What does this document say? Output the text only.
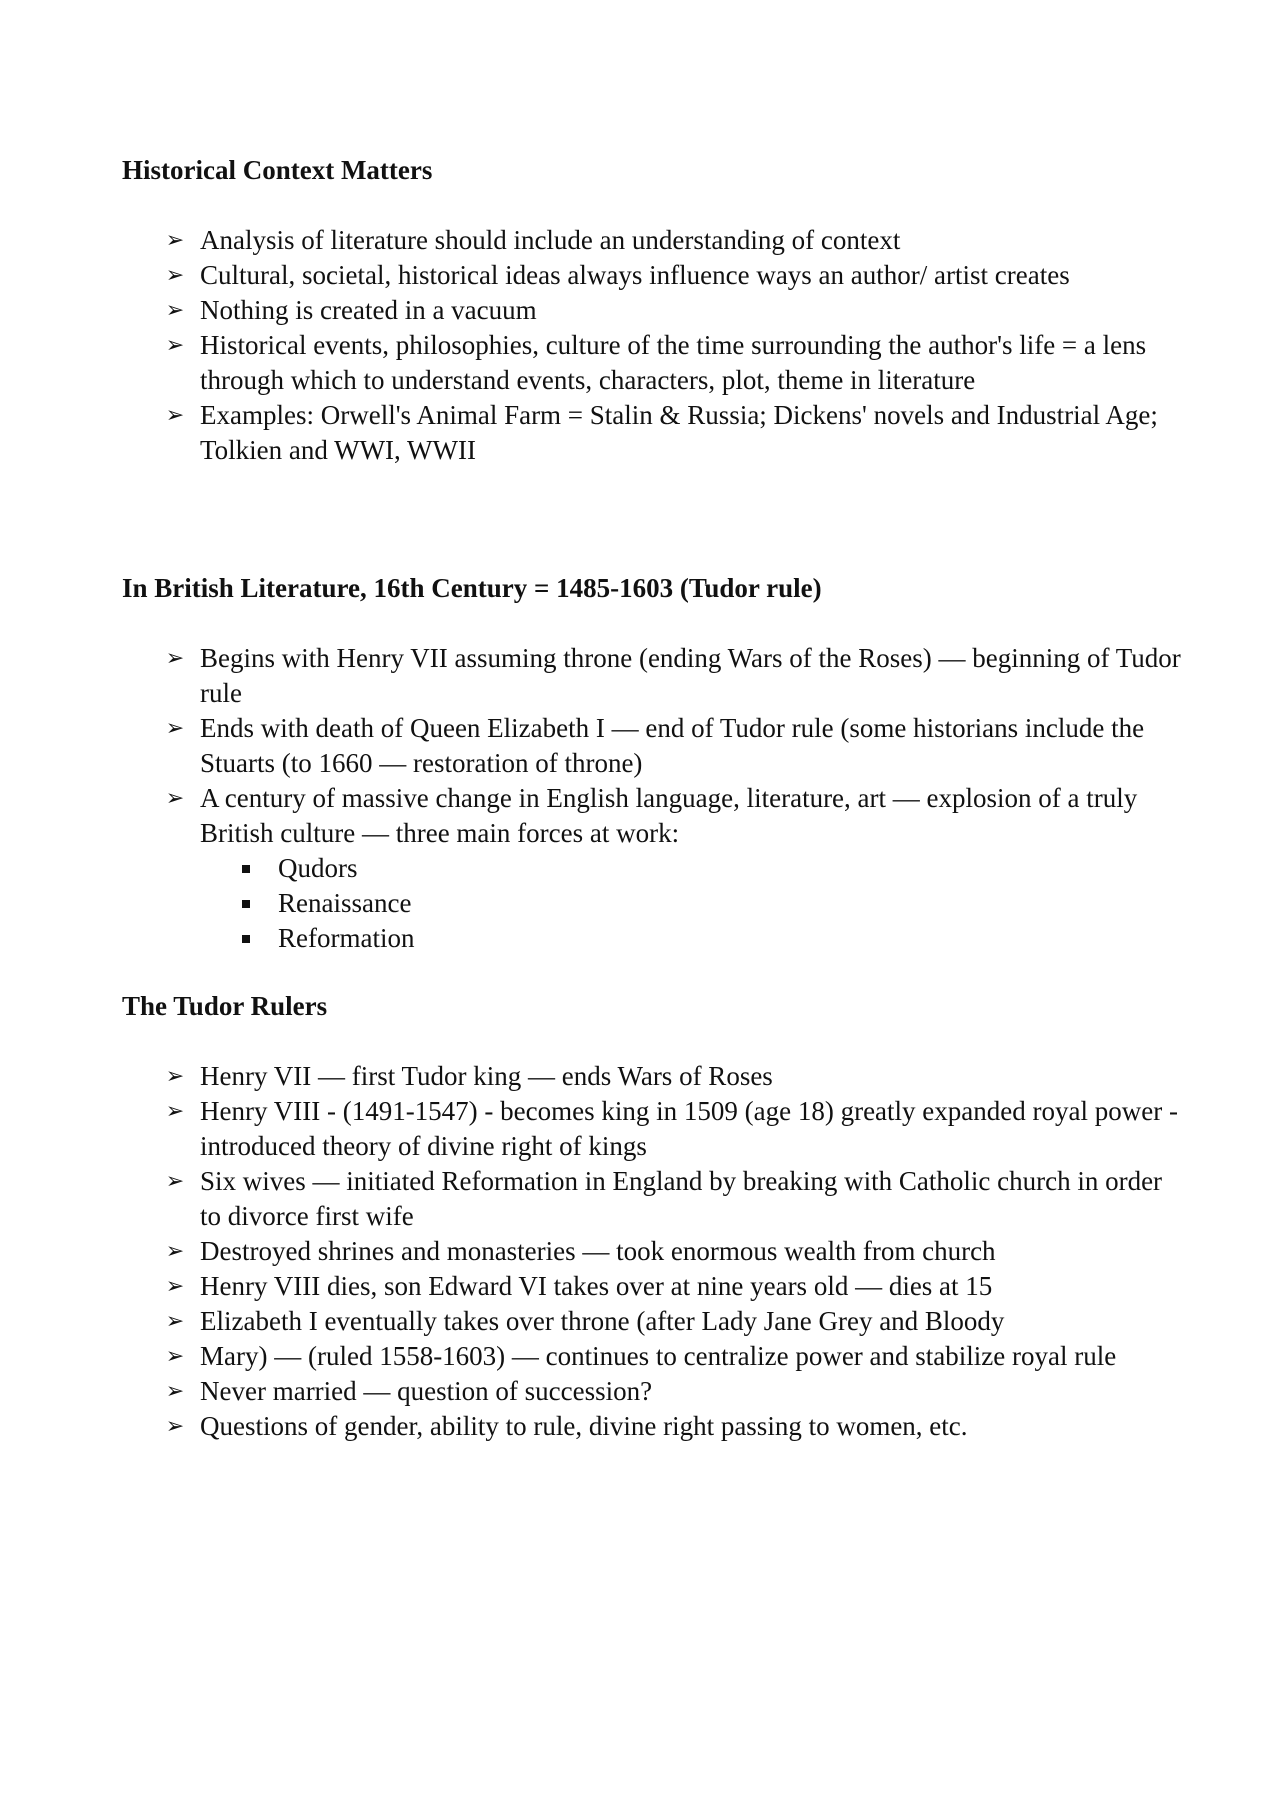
Historical Context Matters
➢ Analysis of literature should include an understanding of context
➢ Cultural, societal, historical ideas always influence ways an author/ artist creates
➢ Nothing is created in a vacuum
➢ Historical events, philosophies, culture of the time surrounding the author's life = a lens through which to understand events, characters, plot, theme in literature
➢ Examples: Orwell's Animal Farm = Stalin & Russia; Dickens' novels and Industrial Age; Tolkien and WWI, WWII
In British Literature, 16th Century = 1485-1603 (Tudor rule)
➢ Begins with Henry VII assuming throne (ending Wars of the Roses) — beginning of Tudor rule
➢ Ends with death of Queen Elizabeth I — end of Tudor rule (some historians include the Stuarts (to 1660 — restoration of throne)
➢ A century of massive change in English language, literature, art — explosion of a truly British culture — three main forces at work:
Qudors
Renaissance
Reformation
The Tudor Rulers
➢ Henry VII — first Tudor king — ends Wars of Roses
➢ Henry VIII - (1491-1547) - becomes king in 1509 (age 18) greatly expanded royal power - introduced theory of divine right of kings
➢ Six wives — initiated Reformation in England by breaking with Catholic church in order to divorce first wife
➢ Destroyed shrines and monasteries — took enormous wealth from church
➢ Henry VIII dies, son Edward VI takes over at nine years old — dies at 15
➢ Elizabeth I eventually takes over throne (after Lady Jane Grey and Bloody
➢ Mary) — (ruled 1558-1603) — continues to centralize power and stabilize royal rule
➢ Never married — question of succession?
➢ Questions of gender, ability to rule, divine right passing to women, etc.
